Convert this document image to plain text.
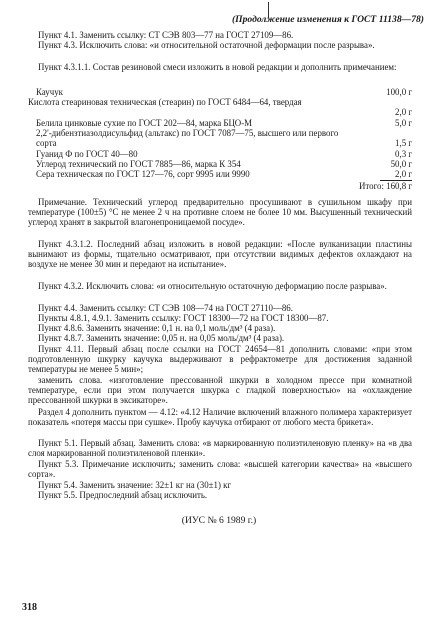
(Продолжение изменения к ГОСТ 11138—78)
Пункт 4.1. Заменить ссылку: СТ СЭВ 803—77 на ГОСТ 27109—86.
Пункт 4.3. Исключить слова: «и относительной остаточной деформации после разрыва».
Пункт 4.3.1.1. Состав резиновой смеси изложить в новой редакции и дополнить примечанием:
Каучук	100,0 г
Кислота стеариновая техническая (стеарин) по ГОСТ 6484—64, твердая
2,0 г
Белила цинковые сухие по ГОСТ 202—84, марка БЦО-М	5,0 г
2,2'-дибензтиазолдисульфид (альтакс) по ГОСТ 7087—75, высшего или первого сорта	1,5 г
Гуанид Ф по ГОСТ 40—80	0,3 г
Углерод технический по ГОСТ 7885—86, марка К 354	50,0 г
Сера техническая по ГОСТ 127—76, сорт 9995 или 9990	2,0 г
Итого: 160,8 г
Примечание. Технический углерод предварительно просушивают в сушильном шкафу при температуре (100±5) °С не менее 2 ч на противне слоем не более 10 мм. Высушенный технический углерод хранят в закрытой влагонепроницаемой посуде».
Пункт 4.3.1.2. Последний абзац изложить в новой редакции: «После вулканизации пластины вынимают из формы, тщательно осматривают, при отсутствии видимых дефектов охлаждают на воздухе не менее 30 мин и передают на испытание».
Пункт 4.3.2. Исключить слова: «и относительную остаточную деформацию после разрыва».
Пункт 4.4. Заменить ссылку: СТ СЭВ 108—74 на ГОСТ 27110—86.
Пункты 4.8.1, 4.9.1. Заменить ссылку: ГОСТ 18300—72 на ГОСТ 18300—87.
Пункт 4.8.6. Заменить значение: 0,1 н. на 0,1 моль/дм³ (4 раза).
Пункт 4.8.7. Заменить значение: 0,05 н. на 0,05 моль/дм³ (4 раза).
Пункт 4.11. Первый абзац после ссылки на ГОСТ 24654—81 дополнить словами: «при этом подготовленную шкурку каучука выдерживают в рефрактометре для достижения заданной температуры не менее 5 мин»;
заменить слова. «изготовление прессованной шкурки в холодном прессе при комнатной температуре, если при этом получается шкурка с гладкой поверхностью» на «охлаждение прессованной шкурки в эксикаторе».
Раздел 4 дополнить пунктом — 4.12: «4.12 Наличие включений влажного полимера характеризует показатель «потеря массы при сушке». Пробу каучука отбирают от любого места брикета».
Пункт 5.1. Первый абзац. Заменить слова: «в маркированную полиэтиленовую пленку» на «в два слоя маркированной полиэтиленовой пленки».
Пункт 5.3. Примечание исключить; заменить слова: «высшей категории качества» на «высшего сорта».
Пункт 5.4. Заменить значение: 32±1 кг на (30±1) кг
Пункт 5.5. Предпоследний абзац исключить.
(ИУС № 6 1989 г.)
318
